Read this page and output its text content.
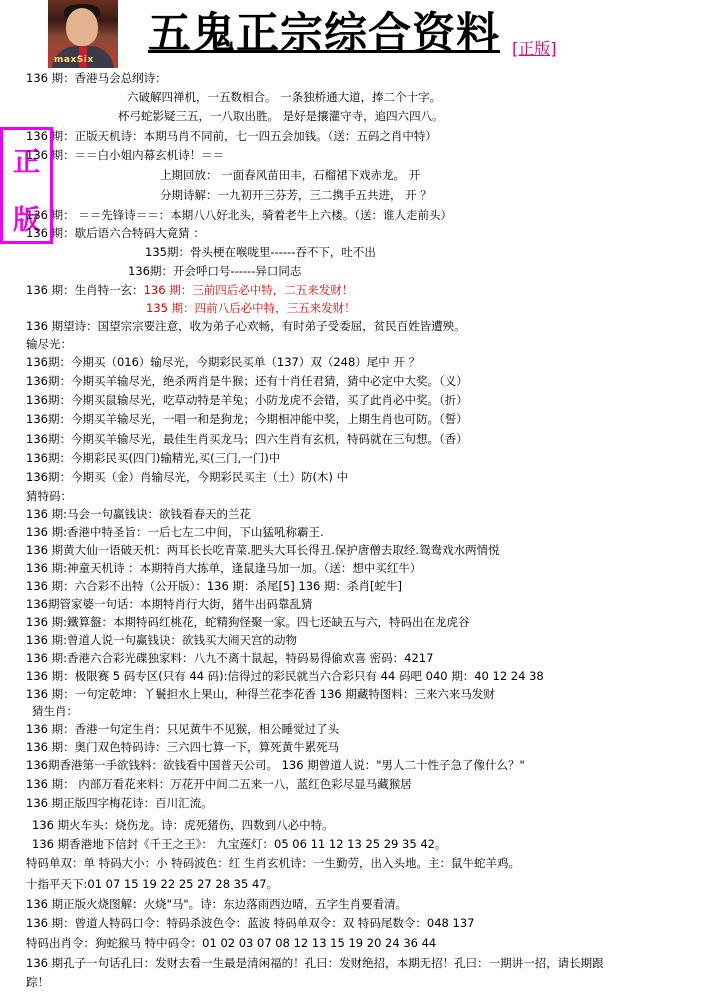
maxSix
五鬼正宗综合资料 [正版]
正
版

136 期：香港马会总纲诗：

六破解四禅机，一五数相合。 一条独桥通大道，捧二个十字。

杯弓蛇影疑三五，一八取出胜。 是好是攘灌守寺，追四六四八。

136 期：正版天机诗：本期马肖不同前，七一四五会加钱。（送：五码之肖中特）

136 期：＝＝白小姐内幕玄机诗！＝＝

上期回放： 一面春风苗田丰，石榴裙下戏赤龙。 开

分期诗解：一九初开三芬芳，三二携手五共进， 开 ？

136 期： ＝＝先锋诗＝＝：本期八八好北头，骑着老牛上六楼。（送：谁人走前头）

136 期：歇后语六合特码大竟猜 ：

135期：骨头梗在喉咙里------吞不下，吐不出

136期：开会呼口号------异口同志

136 期：生肖特一玄：136 期：三前四后必中特，二五来发财！

135 期：四前八后必中特，三五来发财！

136 期望诗：国望宗宗要注意，收为弟子心欢畅，有时弟子受委屈，贫民百姓皆遭殃。

输尽光：

136期：今期买（016）输尽光，今期彩民买单（137）双（248）尾中 开 ？

136期：今期买羊输尽光，绝杀两肖是牛猴；还有十肖任君猜，猜中必定中大奖。（义）

136期：今期买鼠输尽光，吃草动特是羊兔；小防龙虎不会错，买了此肖必中奖。（折）

136期：今期买羊输尽光，一唱一和是狗龙；今期相冲能中奖，上期生肖也可防。（誓）

136期：今期买羊输尽光，最佳生肖买龙马；四六生肖有玄机，特码就在三句想。（香）

136期：今期彩民买(四门)输精光,买(三门,一门)中

136期：今期买（金）肖输尽光，今期彩民买主（土）防(木) 中

猜特码：

136 期:马会一句赢钱诀：欲钱看春天的兰花

136 期:香港中特圣旨：一后七左二中间，下山猛吼称霸王.

136 期黄大仙一语破天机：两耳长长吃青菜.肥头大耳长得丑.保护唐僧去取经.鸳鸯戏水两情悦

136 期:神童天机诗 ：本期特肖大拣单，逢鼠逢马加一加。（送：想中买红牛）

136 期：六合彩不出特（公开版）：136 期：杀尾[5] 136 期：杀肖[蛇牛]

136期管家婆一句话：本期特肖行大街，猪牛出码靠乱猜

136 期:鐵算盤：本期特码红桃花，蛇精狗怪聚一家。四七还缺五与六，特码出在龙虎谷

136 期:曾道人说一句赢钱诀：欲钱买大闹天宫的动物

136 期:香港六合彩光碟独家料：八九不离十鼠起，特码易得偷欢喜 密码：4217

136 期：极限赛 5 码专区(只有 44 码):信得过的彩民就当六合彩只有 44 码吧 040 期：40 12 24 38

136 期：一句定乾坤：丫鬟担水上果山，种得兰花李花香 136 期藏特图料：三来六来马发财

猜生肖：

136 期：香港一句定生肖：只见黄牛不见猴，相公睡觉过了头

136 期：奥门双色特码诗：三六四七算一下，算死黄牛累死马

136期香港第一手欲钱料：欲钱看中国普天公司。 136 期曾道人说："男人二十性子急了像什么？"

136 期： 内部万看花来料：万花开中间二五来一八，蓝红色彩尽显马藏猴居

136 期正版四字梅花诗：百川汇流。

136 期火车头：烧伤龙。诗：虎死猪伤，四数到八必中特。

136 期香港地下信封《千王之王》： 九宝莲灯：05 06 11 12 13 25 29 35 42。

特码单双：单 特码大小：小 特码波色：红 生肖玄机诗：一生勤劳，出入头地。主：鼠牛蛇羊鸡。

十指平天下:01 07 15 19 22 25 27 28 35 47。

136 期正版火烧图解：火烧"马"。诗：东边落雨西边晴，五字生肖要看清。

136 期：曾道人特码口令：特码杀波色令：蓝波 特码单双令：双 特码尾数令：048 137

特码出肖令：狗蛇猴马 特中码令：01 02 03 07 08 12 13 15 19 20 24 36 44

136 期孔子一句话孔曰：发财去看一生最是清闲福的！孔曰：发财绝招，本期无招！孔曰：一期讲一招，请长期跟

踪！
